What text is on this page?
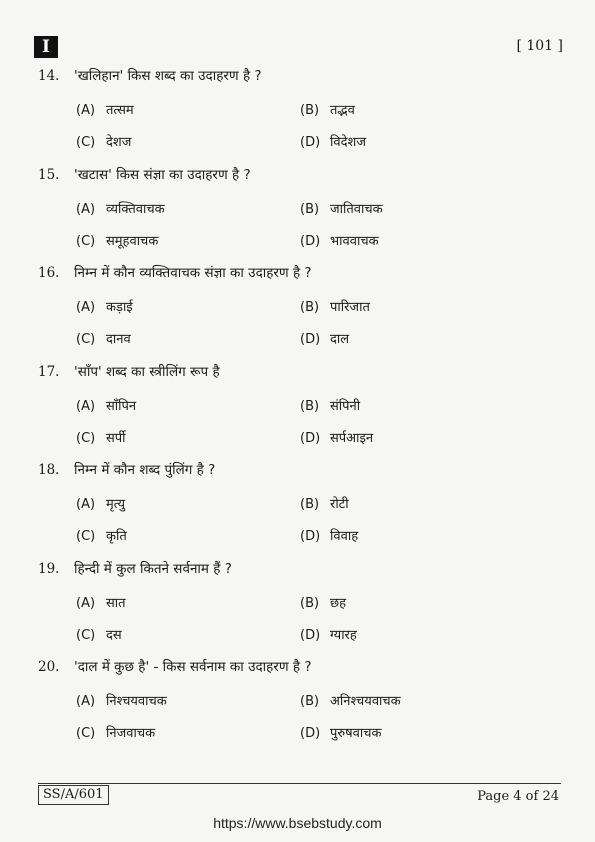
I	[ 101 ]
14. 'खलिहान' किस शब्द का उदाहरण है ?
(A) तत्सम	(B) तद्भव
(C) देशज	(D) विदेशज
15. 'खटास' किस संज्ञा का उदाहरण है ?
(A) व्यक्तिवाचक	(B) जातिवाचक
(C) समूहवाचक	(D) भाववाचक
16. निम्न में कौन व्यक्तिवाचक संज्ञा का उदाहरण है ?
(A) कड़ाई	(B) पारिजात
(C) दानव	(D) दाल
17. 'साँप' शब्द का स्त्रीलिंग रूप है
(A) साँपिन	(B) संपिनी
(C) सर्पी	(D) सर्पआइन
18. निम्न में कौन शब्द पुंलिंग है ?
(A) मृत्यु	(B) रोटी
(C) कृति	(D) विवाह
19. हिन्दी में कुल कितने सर्वनाम हैं ?
(A) सात	(B) छह
(C) दस	(D) ग्यारह
20. 'दाल में कुछ है' - किस सर्वनाम का उदाहरण है ?
(A) निश्चयवाचक	(B) अनिश्चयवाचक
(C) निजवाचक	(D) पुरुषवाचक
SS/A/601	Page 4 of 24
https://www.bsebstudy.com
